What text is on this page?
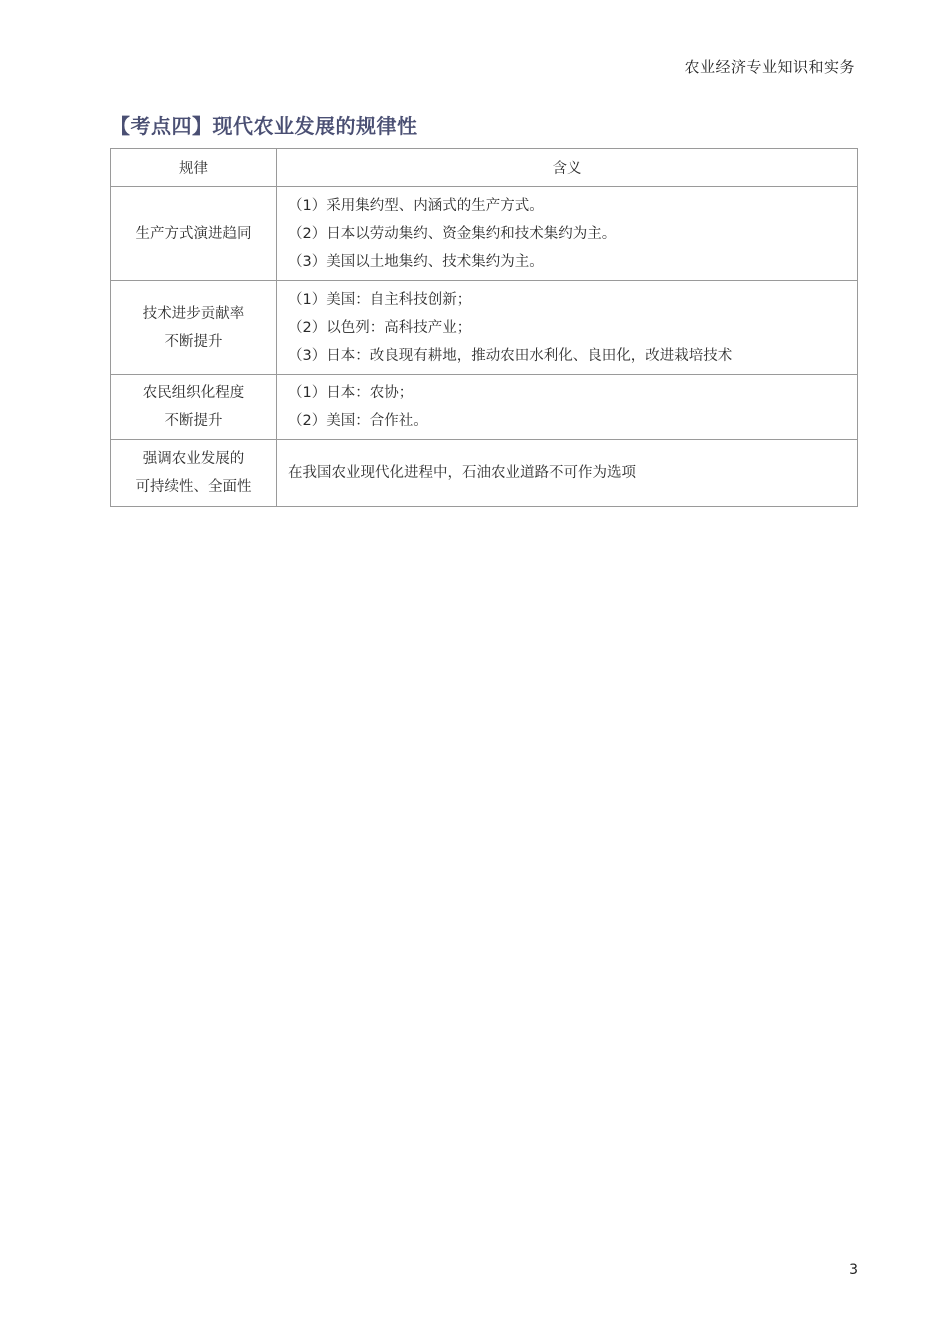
农业经济专业知识和实务
【考点四】现代农业发展的规律性
规律	含义

生产方式演进趋同	（1）采用集约型、内涵式的生产方式。
（2）日本以劳动集约、资金集约和技术集约为主。
（3）美国以土地集约、技术集约为主。

技术进步贡献率
不断提升	（1）美国：自主科技创新；
（2）以色列：高科技产业；
（3）日本：改良现有耕地，推动农田水利化、良田化，改进栽培技术

农民组织化程度
不断提升	（1）日本：农协；
（2）美国：合作社。

强调农业发展的
可持续性、全面性	在我国农业现代化进程中，石油农业道路不可作为选项
3
